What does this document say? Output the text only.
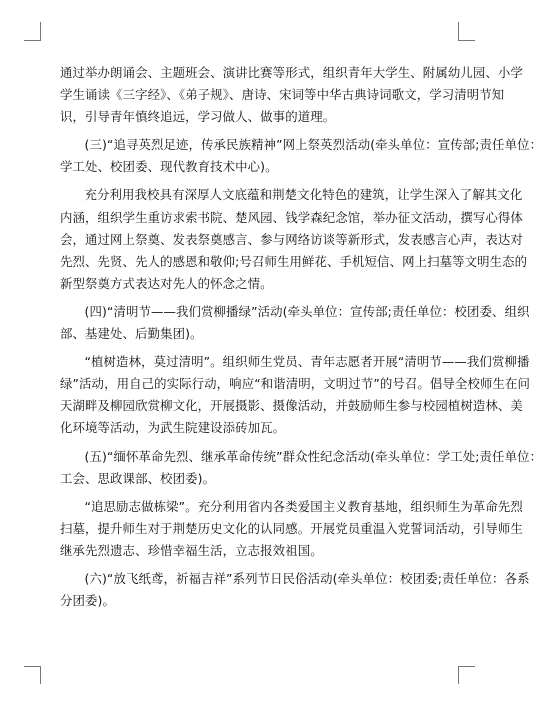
通过举办朗诵会、主题班会、演讲比赛等形式，组织青年大学生、附属幼儿园、小学
学生诵读《三字经》、《弟子规》、唐诗、宋词等中华古典诗词歌文，学习清明节知
识，引导青年慎终追远，学习做人、做事的道理。
(三)“追寻英烈足迹，传承民族精神”网上祭英烈活动(牵头单位：宣传部;责任单位：
学工处、校团委、现代教育技术中心)。
充分利用我校具有深厚人文底蕴和荆楚文化特色的建筑，让学生深入了解其文化
内涵，组织学生重访求索书院、楚风园、钱学森纪念馆，举办征文活动，撰写心得体
会，通过网上祭奠、发表祭奠感言、参与网络访谈等新形式，发表感言心声，表达对
先烈、先贤、先人的感恩和敬仰;号召师生用鲜花、手机短信、网上扫墓等文明生态的
新型祭奠方式表达对先人的怀念之情。
(四)“清明节——我们赏柳播绿”活动(牵头单位：宣传部;责任单位：校团委、组织
部、基建处、后勤集团)。
“植树造林，莫过清明”。组织师生党员、青年志愿者开展“清明节——我们赏柳播
绿”活动，用自己的实际行动，响应“和谐清明，文明过节”的号召。倡导全校师生在问
天湖畔及柳园欣赏柳文化，开展摄影、摄像活动，并鼓励师生参与校园植树造林、美
化环境等活动，为武生院建设添砖加瓦。
(五)“缅怀革命先烈、继承革命传统”群众性纪念活动(牵头单位：学工处;责任单位：
工会、思政课部、校团委)。
“追思励志做栋梁”。充分利用省内各类爱国主义教育基地，组织师生为革命先烈
扫墓，提升师生对于荆楚历史文化的认同感。开展党员重温入党誓词活动，引导师生
继承先烈遗志、珍惜幸福生活，立志报效祖国。
(六)“放飞纸鸢，祈福吉祥”系列节日民俗活动(牵头单位：校团委;责任单位：各系
分团委)。
